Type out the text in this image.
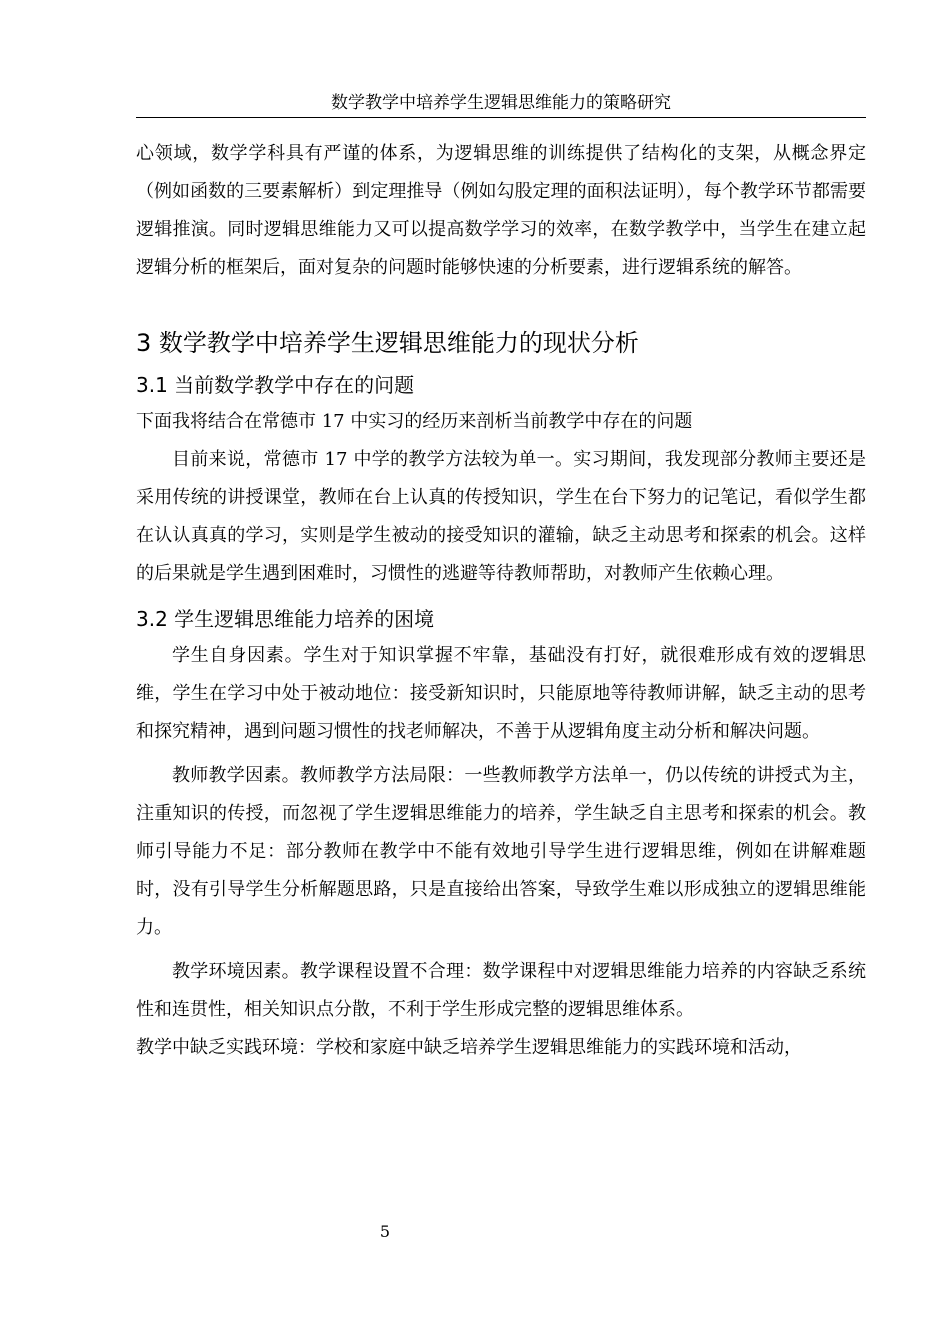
数学教学中培养学生逻辑思维能力的策略研究

心领域，数学学科具有严谨的体系，为逻辑思维的训练提供了结构化的支架，从概念界定（例如函数的三要素解析）到定理推导（例如勾股定理的面积法证明），每个教学环节都需要逻辑推演。同时逻辑思维能力又可以提高数学学习的效率，在数学教学中，当学生在建立起逻辑分析的框架后，面对复杂的问题时能够快速的分析要素，进行逻辑系统的解答。

3 数学教学中培养学生逻辑思维能力的现状分析
3.1 当前数学教学中存在的问题

下面我将结合在常德市 17 中实习的经历来剖析当前教学中存在的问题

目前来说，常德市 17 中学的教学方法较为单一。实习期间，我发现部分教师主要还是采用传统的讲授课堂，教师在台上认真的传授知识，学生在台下努力的记笔记，看似学生都在认认真真的学习，实则是学生被动的接受知识的灌输，缺乏主动思考和探索的机会。这样的后果就是学生遇到困难时，习惯性的逃避等待教师帮助，对教师产生依赖心理。

3.2 学生逻辑思维能力培养的困境

学生自身因素。学生对于知识掌握不牢靠，基础没有打好，就很难形成有效的逻辑思维，学生在学习中处于被动地位：接受新知识时，只能原地等待教师讲解，缺乏主动的思考和探究精神，遇到问题习惯性的找老师解决，不善于从逻辑角度主动分析和解决问题。

教师教学因素。教师教学方法局限：一些教师教学方法单一，仍以传统的讲授式为主，注重知识的传授，而忽视了学生逻辑思维能力的培养，学生缺乏自主思考和探索的机会。教师引导能力不足：部分教师在教学中不能有效地引导学生进行逻辑思维，例如在讲解难题时，没有引导学生分析解题思路，只是直接给出答案，导致学生难以形成独立的逻辑思维能力。

教学环境因素。教学课程设置不合理：数学课程中对逻辑思维能力培养的内容缺乏系统性和连贯性，相关知识点分散，不利于学生形成完整的逻辑思维体系。

教学中缺乏实践环境：学校和家庭中缺乏培养学生逻辑思维能力的实践环境和活动，

5
